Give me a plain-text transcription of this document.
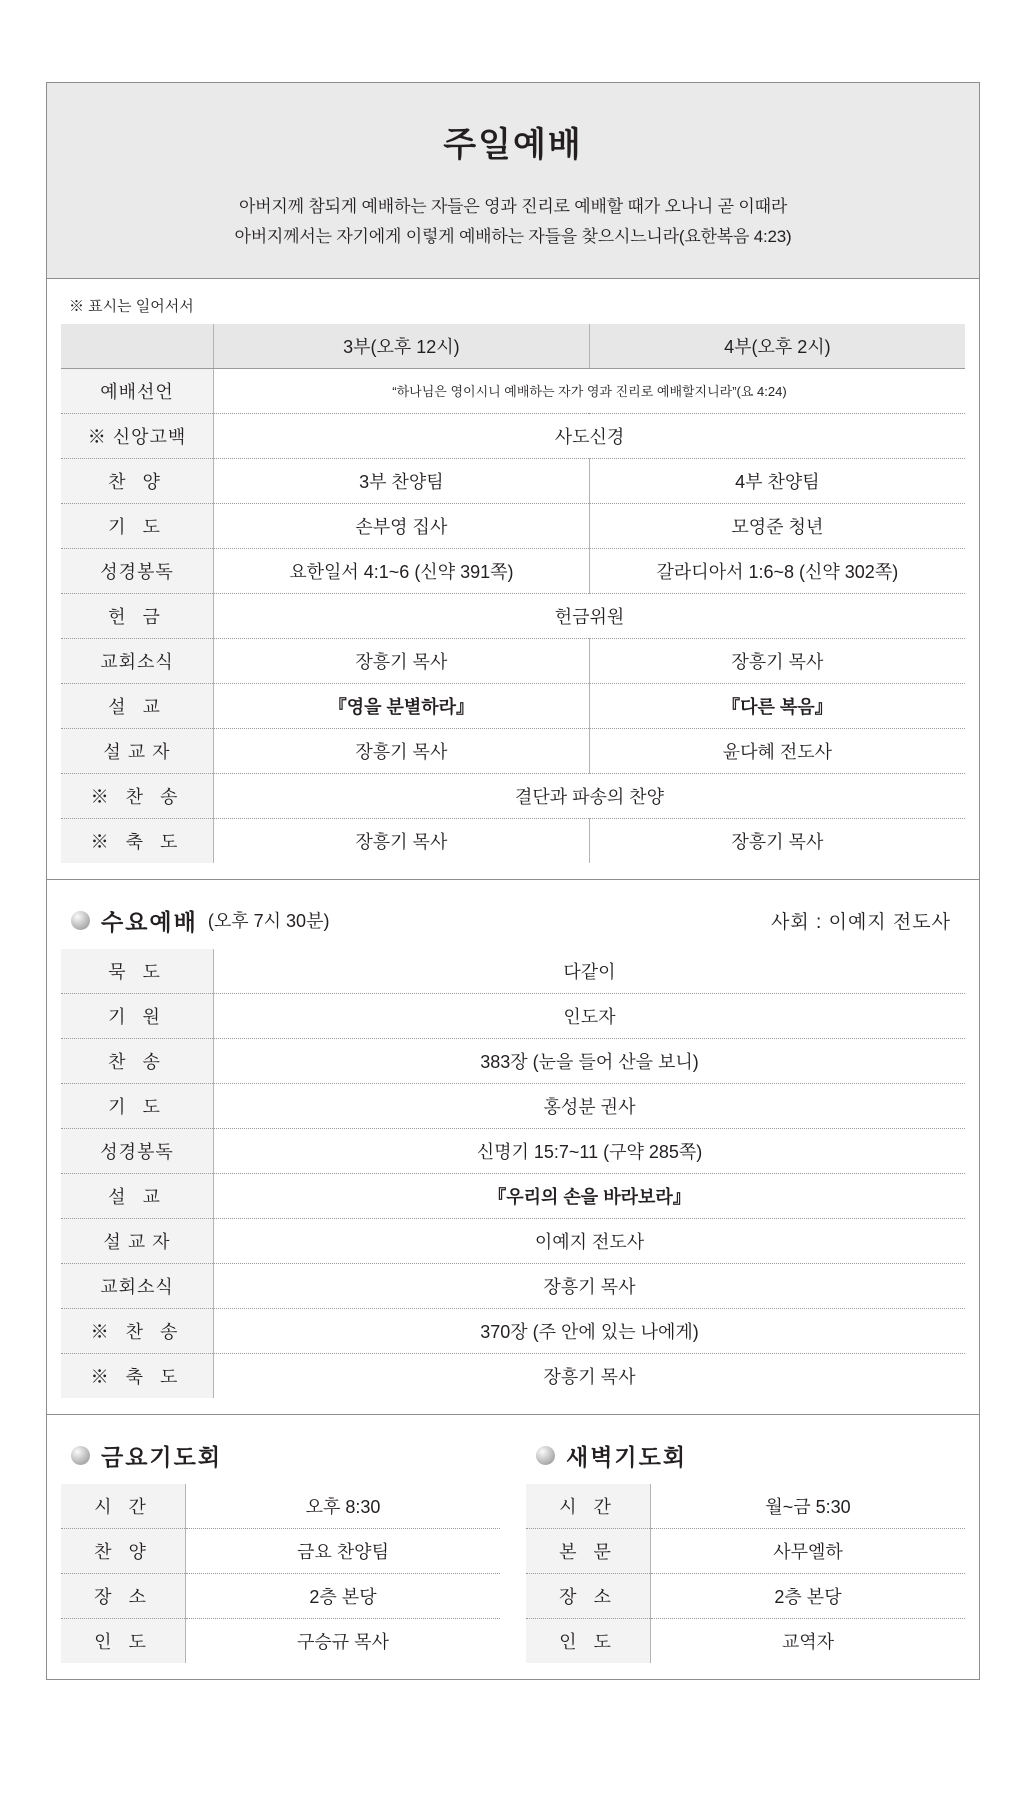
주일예배
아버지께 참되게 예배하는 자들은 영과 진리로 예배할 때가 오나니 곧 이때라
아버지께서는 자기에게 이렇게 예배하는 자들을 찾으시느니라(요한복음 4:23)
※ 표시는 일어서서
	3부(오후 12시)	4부(오후 2시)
예배선언	“하나님은 영이시니 예배하는 자가 영과 진리로 예배할지니라”(요 4:24)	
※ 신앙고백	사도신경	
찬 양	3부 찬양팀	4부 찬양팀
기 도	손부영 집사	모영준 청년
성경봉독	요한일서 4:1~6 (신약 391쪽)	갈라디아서 1:6~8 (신약 302쪽)
헌 금	헌금위원	
교회소식	장흥기 목사	장흥기 목사
설 교	『영을 분별하라』	『다른 복음』
설 교 자	장흥기 목사	윤다혜 전도사
※ 찬 송	결단과 파송의 찬양	
※ 축 도	장흥기 목사	장흥기 목사
수요예배 (오후 7시 30분)	사회 : 이예지 전도사
묵 도	다같이
기 원	인도자
찬 송	383장 (눈을 들어 산을 보니)
기 도	홍성분 권사
성경봉독	신명기 15:7~11 (구약 285쪽)
설 교	『우리의 손을 바라보라』
설 교 자	이예지 전도사
교회소식	장흥기 목사
※ 찬 송	370장 (주 안에 있는 나에게)
※ 축 도	장흥기 목사
금요기도회
시 간	오후 8:30
찬 양	금요 찬양팀
장 소	2층 본당
인 도	구승규 목사
새벽기도회
시 간	월~금 5:30
본 문	사무엘하
장 소	2층 본당
인 도	교역자
